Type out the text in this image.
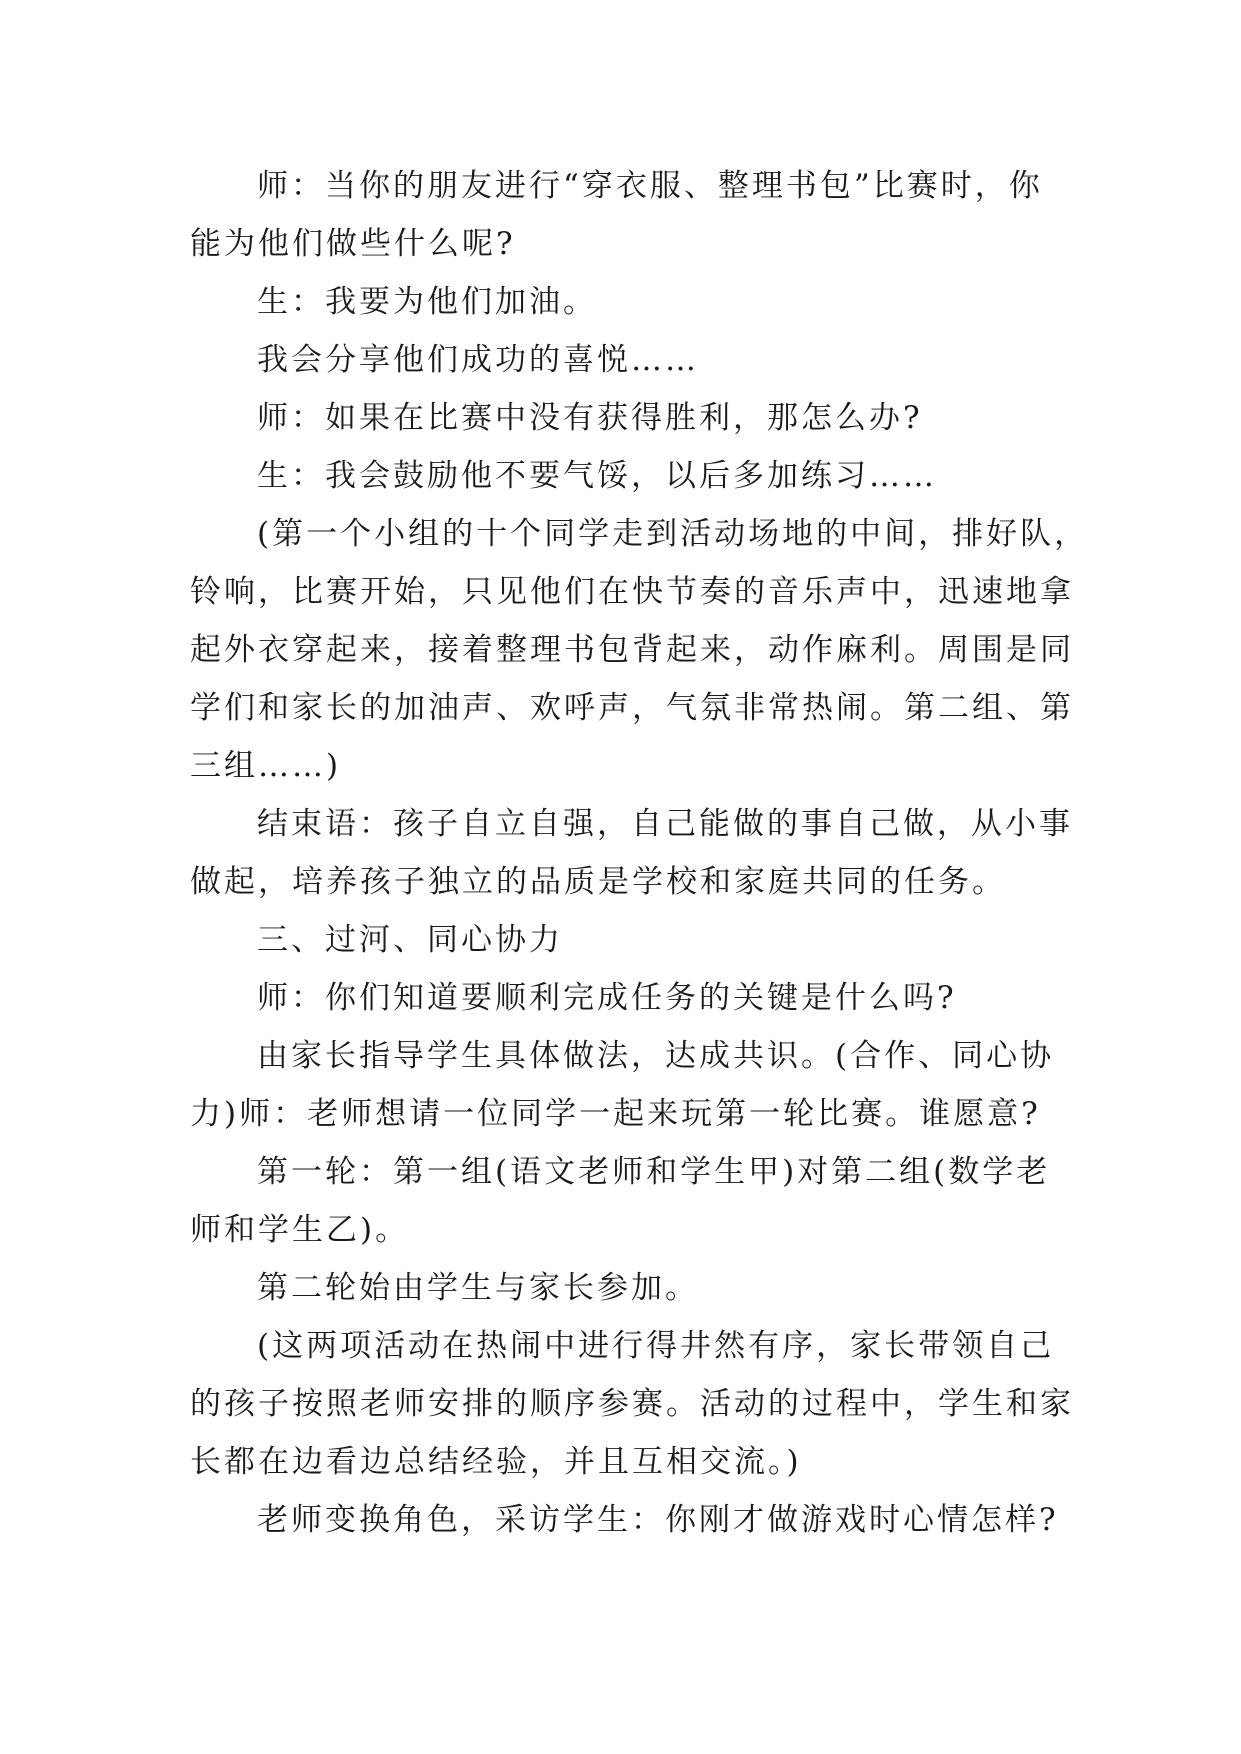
师：当你的朋友进行“穿衣服、整理书包”比赛时，你

能为他们做些什么呢?

生：我要为他们加油。

我会分享他们成功的喜悦……

师：如果在比赛中没有获得胜利，那怎么办?

生：我会鼓励他不要气馁，以后多加练习……

(第一个小组的十个同学走到活动场地的中间，排好队，

铃响，比赛开始，只见他们在快节奏的音乐声中，迅速地拿

起外衣穿起来，接着整理书包背起来，动作麻利。周围是同

学们和家长的加油声、欢呼声，气氛非常热闹。第二组、第

三组……)

结束语：孩子自立自强，自己能做的事自己做，从小事

做起，培养孩子独立的品质是学校和家庭共同的任务。

三、过河、同心协力

师：你们知道要顺利完成任务的关键是什么吗?

由家长指导学生具体做法，达成共识。(合作、同心协

力)师：老师想请一位同学一起来玩第一轮比赛。谁愿意?

第一轮：第一组(语文老师和学生甲)对第二组(数学老

师和学生乙)。

第二轮始由学生与家长参加。

(这两项活动在热闹中进行得井然有序，家长带领自己

的孩子按照老师安排的顺序参赛。活动的过程中，学生和家

长都在边看边总结经验，并且互相交流。)

老师变换角色，采访学生：你刚才做游戏时心情怎样?
